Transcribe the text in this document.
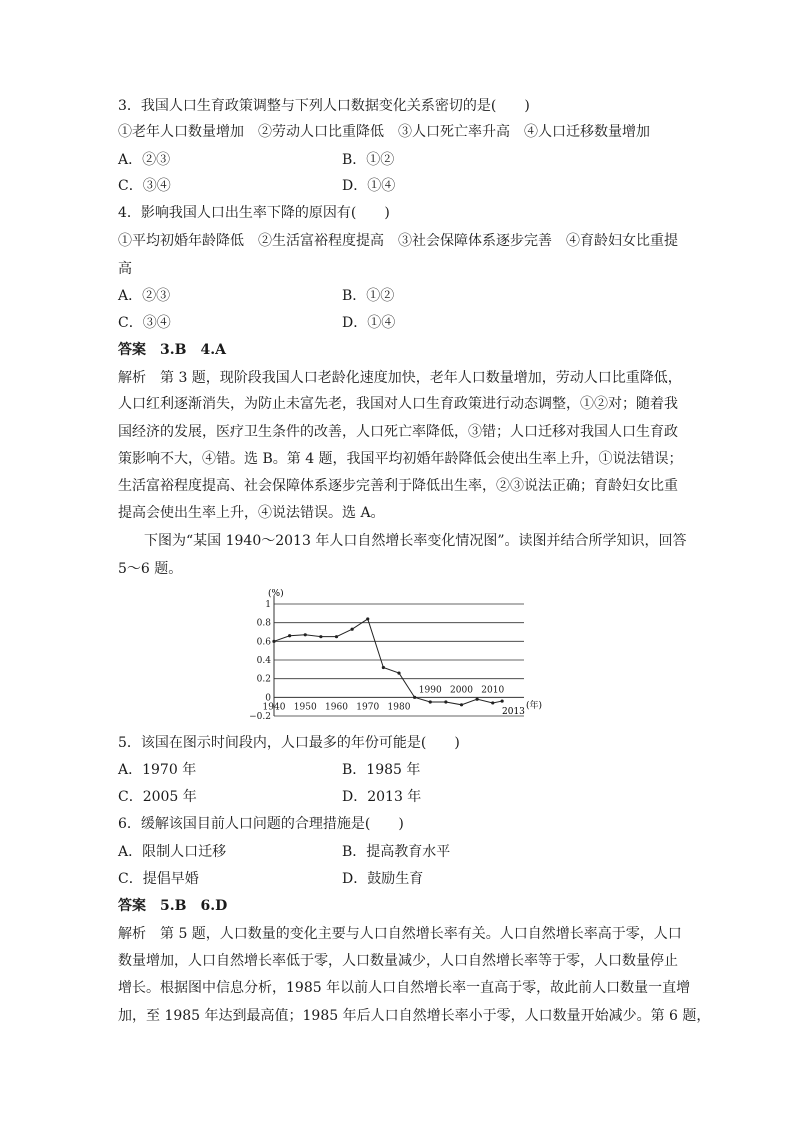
3．我国人口生育政策调整与下列人口数据变化关系密切的是(　　)
①老年人口数量增加　②劳动人口比重降低　③人口死亡率升高　④人口迁移数量增加
A．②③	B．①②
C．③④	D．①④
4．影响我国人口出生率下降的原因有(　　)
①平均初婚年龄降低　②生活富裕程度提高　③社会保障体系逐步完善　④育龄妇女比重提
高
A．②③	B．①②
C．③④	D．①④
答案　3.B　4.A
解析　第 3 题，现阶段我国人口老龄化速度加快，老年人口数量增加，劳动人口比重降低，
人口红利逐渐消失，为防止未富先老，我国对人口生育政策进行动态调整，①②对；随着我
国经济的发展，医疗卫生条件的改善，人口死亡率降低，③错；人口迁移对我国人口生育政
策影响不大，④错。选 B。第 4 题，我国平均初婚年龄降低会使出生率上升，①说法错误；
生活富裕程度提高、社会保障体系逐步完善利于降低出生率，②③说法正确；育龄妇女比重
提高会使出生率上升，④说法错误。选 A。
下图为“某国 1940～2013 年人口自然增长率变化情况图”。读图并结合所学知识，回答
5～6 题。
1
0.8
0.6
0.4
0.2
0
−0.2
1940 1950 1960 1970 1980
1990 2000 2010
(%)
(年)
2013
5．该国在图示时间段内，人口最多的年份可能是(　　)
A．1970 年	B．1985 年
C．2005 年	D．2013 年
6．缓解该国目前人口问题的合理措施是(　　)
A．限制人口迁移	B．提高教育水平
C．提倡早婚	D．鼓励生育
答案　5.B　6.D
解析　第 5 题，人口数量的变化主要与人口自然增长率有关。人口自然增长率高于零，人口
数量增加，人口自然增长率低于零，人口数量减少，人口自然增长率等于零，人口数量停止
增长。根据图中信息分析，1985 年以前人口自然增长率一直高于零，故此前人口数量一直增
加，至 1985 年达到最高值；1985 年后人口自然增长率小于零，人口数量开始减少。第 6 题，
